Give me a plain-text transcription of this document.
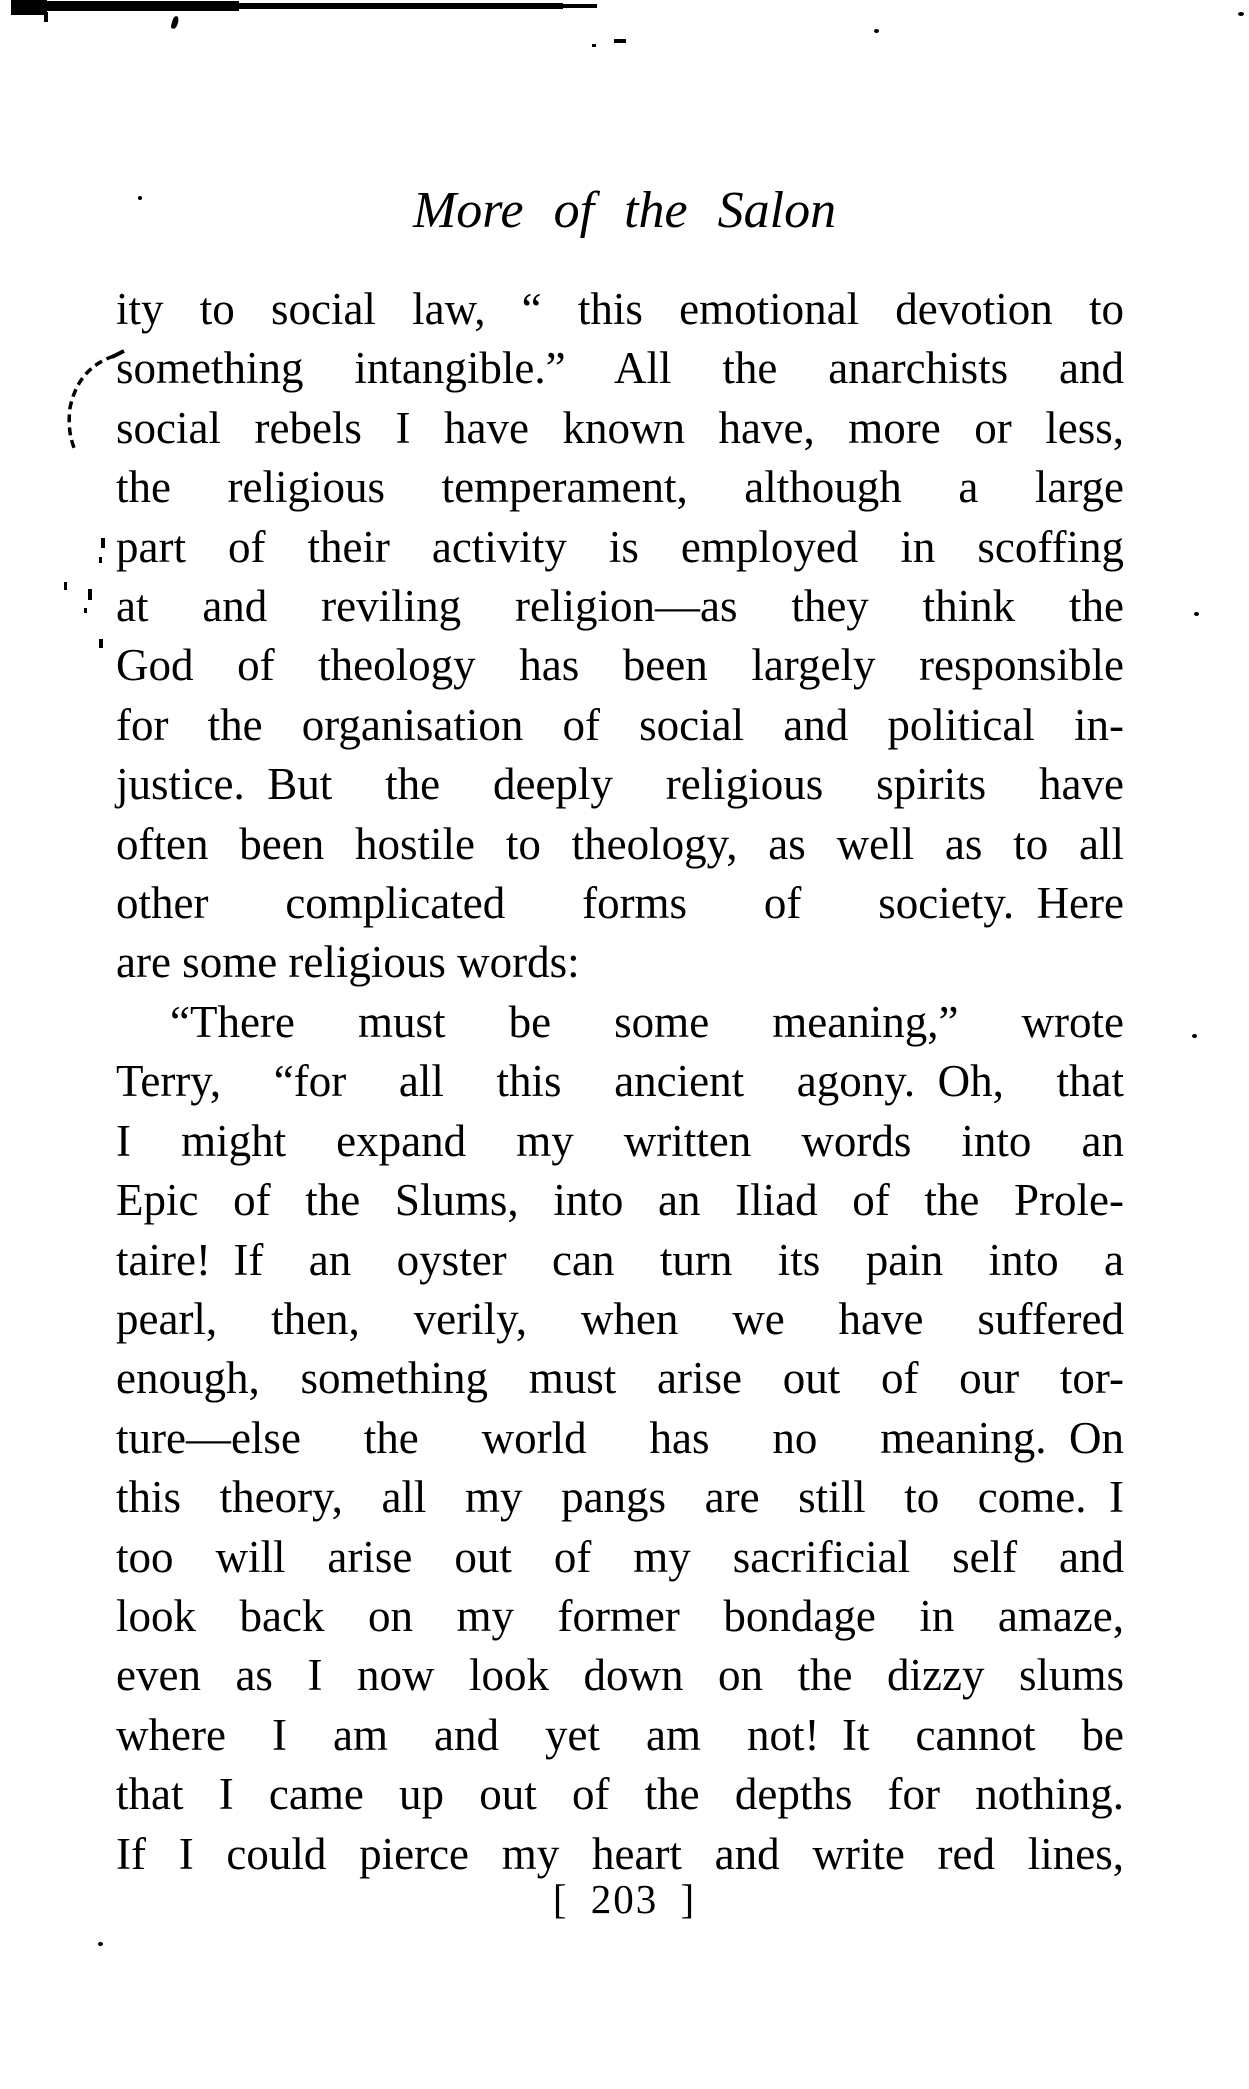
More of the Salon
ity to social law, “ this emotional devotion to
something intangible.” All the anarchists and
social rebels I have known have, more or less,
the religious temperament, although a large
part of their activity is employed in scoffing
at and reviling religion—as they think the
God of theology has been largely responsible
for the organisation of social and political in-
justice. But the deeply religious spirits have
often been hostile to theology, as well as to all
other complicated forms of society. Here
are some religious words:
“There must be some meaning,” wrote
Terry, “for all this ancient agony. Oh, that
I might expand my written words into an
Epic of the Slums, into an Iliad of the Prole-
taire! If an oyster can turn its pain into a
pearl, then, verily, when we have suffered
enough, something must arise out of our tor-
ture—else the world has no meaning. On
this theory, all my pangs are still to come. I
too will arise out of my sacrificial self and
look back on my former bondage in amaze,
even as I now look down on the dizzy slums
where I am and yet am not! It cannot be
that I came up out of the depths for nothing.
If I could pierce my heart and write red lines,
[ 203 ]
